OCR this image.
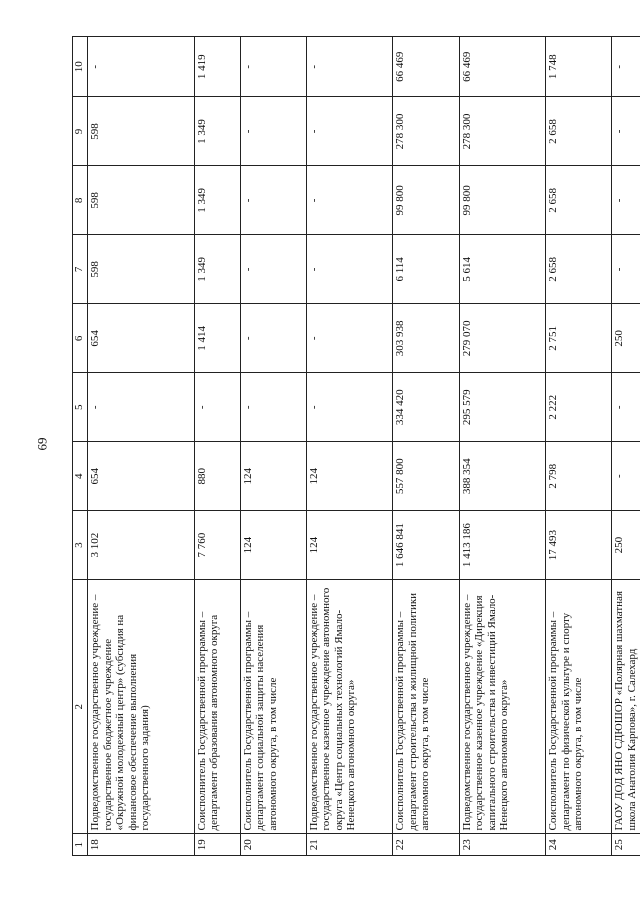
69
1	2	3	4	5	6	7	8	9	10
18	Подведомственное государственное учреждение – государственное бюджетное учреждение «Окружной молодежный центр» (субсидия на финансовое обеспечение выполнения государственного задания)	3 102	654	-	654	598	598	598	-
19	Соисполнитель Государственной программы – департамент образования автономного округа	7 760	880	-	1 414	1 349	1 349	1 349	1 419
20	Соисполнитель Государственной программы – департамент социальной защиты населения автономного округа, в том числе	124	124	-	-	-	-	-	-
21	Подведомственное государственное учреждение – государственное казенное учреждение автономного округа «Центр социальных технологий Ямало-Ненецкого автономного округа»	124	124	-	-	-	-	-	-
22	Соисполнитель Государственной программы – департамент строительства и жилищной политики автономного округа, в том числе	1 646 841	557 800	334 420	303 938	6 114	99 800	278 300	66 469
23	Подведомственное государственное учреждение – государственное казенное учреждение «Дирекция капитального строительства и инвестиций Ямало-Ненецкого автономного округа»	1 413 186	388 354	295 579	279 070	5 614	99 800	278 300	66 469
24	Соисполнитель Государственной программы – департамент по физической культуре и спорту автономного округа, в том числе	17 493	2 798	2 222	2 751	2 658	2 658	2 658	1 748
25	ГАОУ ДОД ЯНО СДЮШОР «Полярная шахматная школа Анатолия Карпова», г. Салехард	250	-	-	250	-	-	-	-
